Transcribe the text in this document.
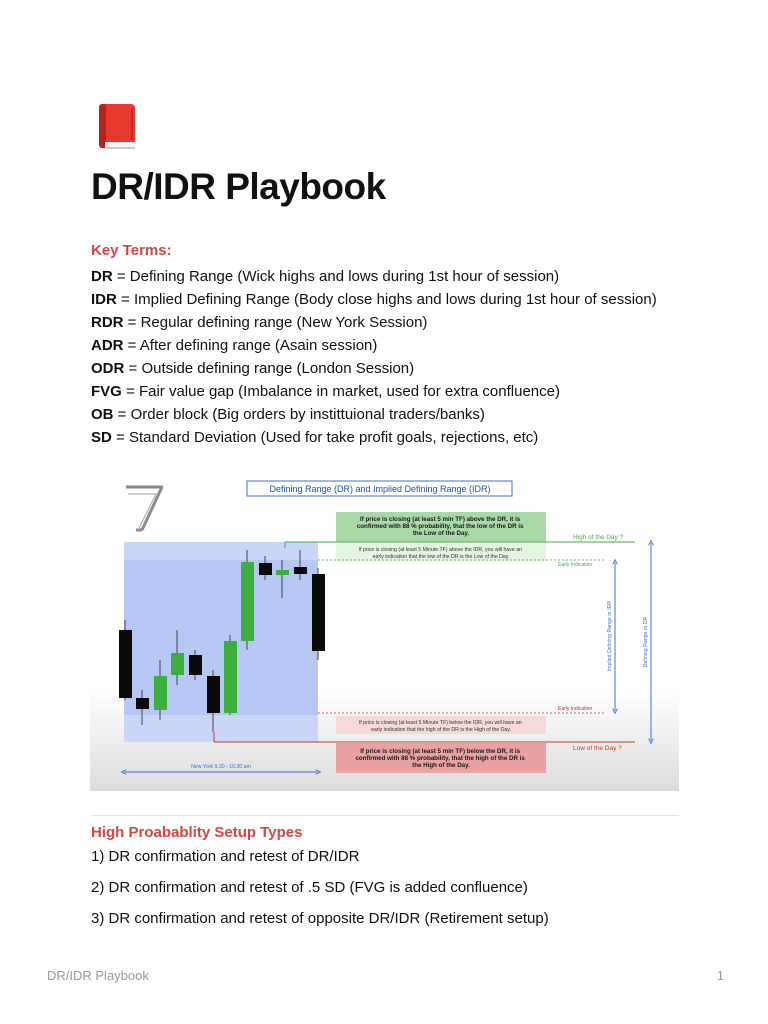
DR/IDR Playbook
Key Terms:
DR = Defining Range (Wick highs and lows during 1st hour of session)
IDR = Implied Defining Range (Body close highs and lows during 1st hour of session)
RDR = Regular defining range (New York Session)
ADR = After defining range (Asain session)
ODR = Outside defining range (London Session)
FVG = Fair value gap (Imbalance in market, used for extra confluence)
OB = Order block (Big orders by instittuional traders/banks)
SD = Standard Deviation (Used for take profit goals, rejections, etc)
Defining Range (DR) and Implied Defining Range (IDR)
If price is closing (at least 5 min TF) above the DR, it is confirmed with 88 % probability, that the low of the DR is the Low of the Day.
If price is closing (at least 5 Minute TF) above the IDR, you will have an early indication that the low of the DR is the Low of the Day.
High of the Day ?
Early Indication
Early Indication
Low of the Day ?
If price is closing (at least 5 Minute TF) below the IDR, you will have an early indication that the high of the DR is the High of the Day.
If price is closing (at least 5 min TF) below the DR, it is confirmed with 88 % probability, that the high of the DR is the High of the Day.
Implied Defining Range or IDR	Defining Range or DR
New York 9.30 - 10.30 am
High Proabablity Setup Types

1) DR confirmation and retest of DR/IDR

2) DR confirmation and retest of .5 SD (FVG is added confluence)

3) DR confirmation and retest of opposite DR/IDR (Retirement setup)

DR/IDR Playbook	1
